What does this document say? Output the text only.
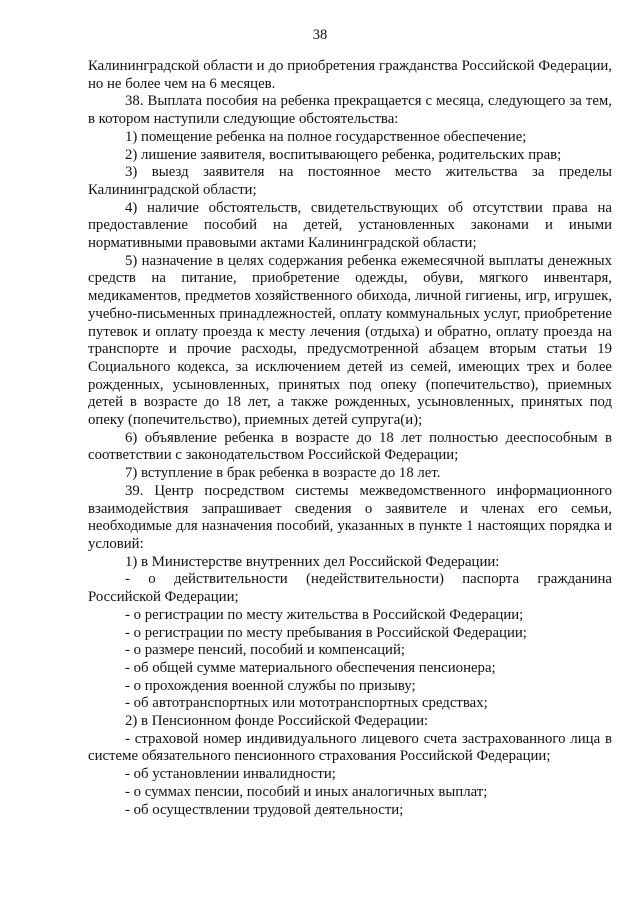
38

Калининградской области и до приобретения гражданства Российской Федерации, но не более чем на 6 месяцев.

38. Выплата пособия на ребенка прекращается с месяца, следующего за тем, в котором наступили следующие обстоятельства:

1) помещение ребенка на полное государственное обеспечение;

2) лишение заявителя, воспитывающего ребенка, родительских прав;

3) выезд заявителя на постоянное место жительства за пределы Калининградской области;

4) наличие обстоятельств, свидетельствующих об отсутствии права на предоставление пособий на детей, установленных законами и иными нормативными правовыми актами Калининградской области;

5) назначение в целях содержания ребенка ежемесячной выплаты денежных средств на питание, приобретение одежды, обуви, мягкого инвентаря, медикаментов, предметов хозяйственного обихода, личной гигиены, игр, игрушек, учебно-письменных принадлежностей, оплату коммунальных услуг, приобретение путевок и оплату проезда к месту лечения (отдыха) и обратно, оплату проезда на транспорте и прочие расходы, предусмотренной абзацем вторым статьи 19 Социального кодекса, за исключением детей из семей, имеющих трех и более рожденных, усыновленных, принятых под опеку (попечительство), приемных детей в возрасте до 18 лет, а также рожденных, усыновленных, принятых под опеку (попечительство), приемных детей супруга(и);

6) объявление ребенка в возрасте до 18 лет полностью дееспособным в соответствии с законодательством Российской Федерации;

7) вступление в брак ребенка в возрасте до 18 лет.

39. Центр посредством системы межведомственного информационного взаимодействия запрашивает сведения о заявителе и членах его семьи, необходимые для назначения пособий, указанных в пункте 1 настоящих порядка и условий:

1) в Министерстве внутренних дел Российской Федерации:

- о действительности (недействительности) паспорта гражданина Российской Федерации;

- о регистрации по месту жительства в Российской Федерации;

- о регистрации по месту пребывания в Российской Федерации;

- о размере пенсий, пособий и компенсаций;

- об общей сумме материального обеспечения пенсионера;

- о прохождения военной службы по призыву;

- об автотранспортных или мототранспортных средствах;

2) в Пенсионном фонде Российской Федерации:

- страховой номер индивидуального лицевого счета застрахованного лица в системе обязательного пенсионного страхования Российской Федерации;

- об установлении инвалидности;

- о суммах пенсии, пособий и иных аналогичных выплат;

- об осуществлении трудовой деятельности;
